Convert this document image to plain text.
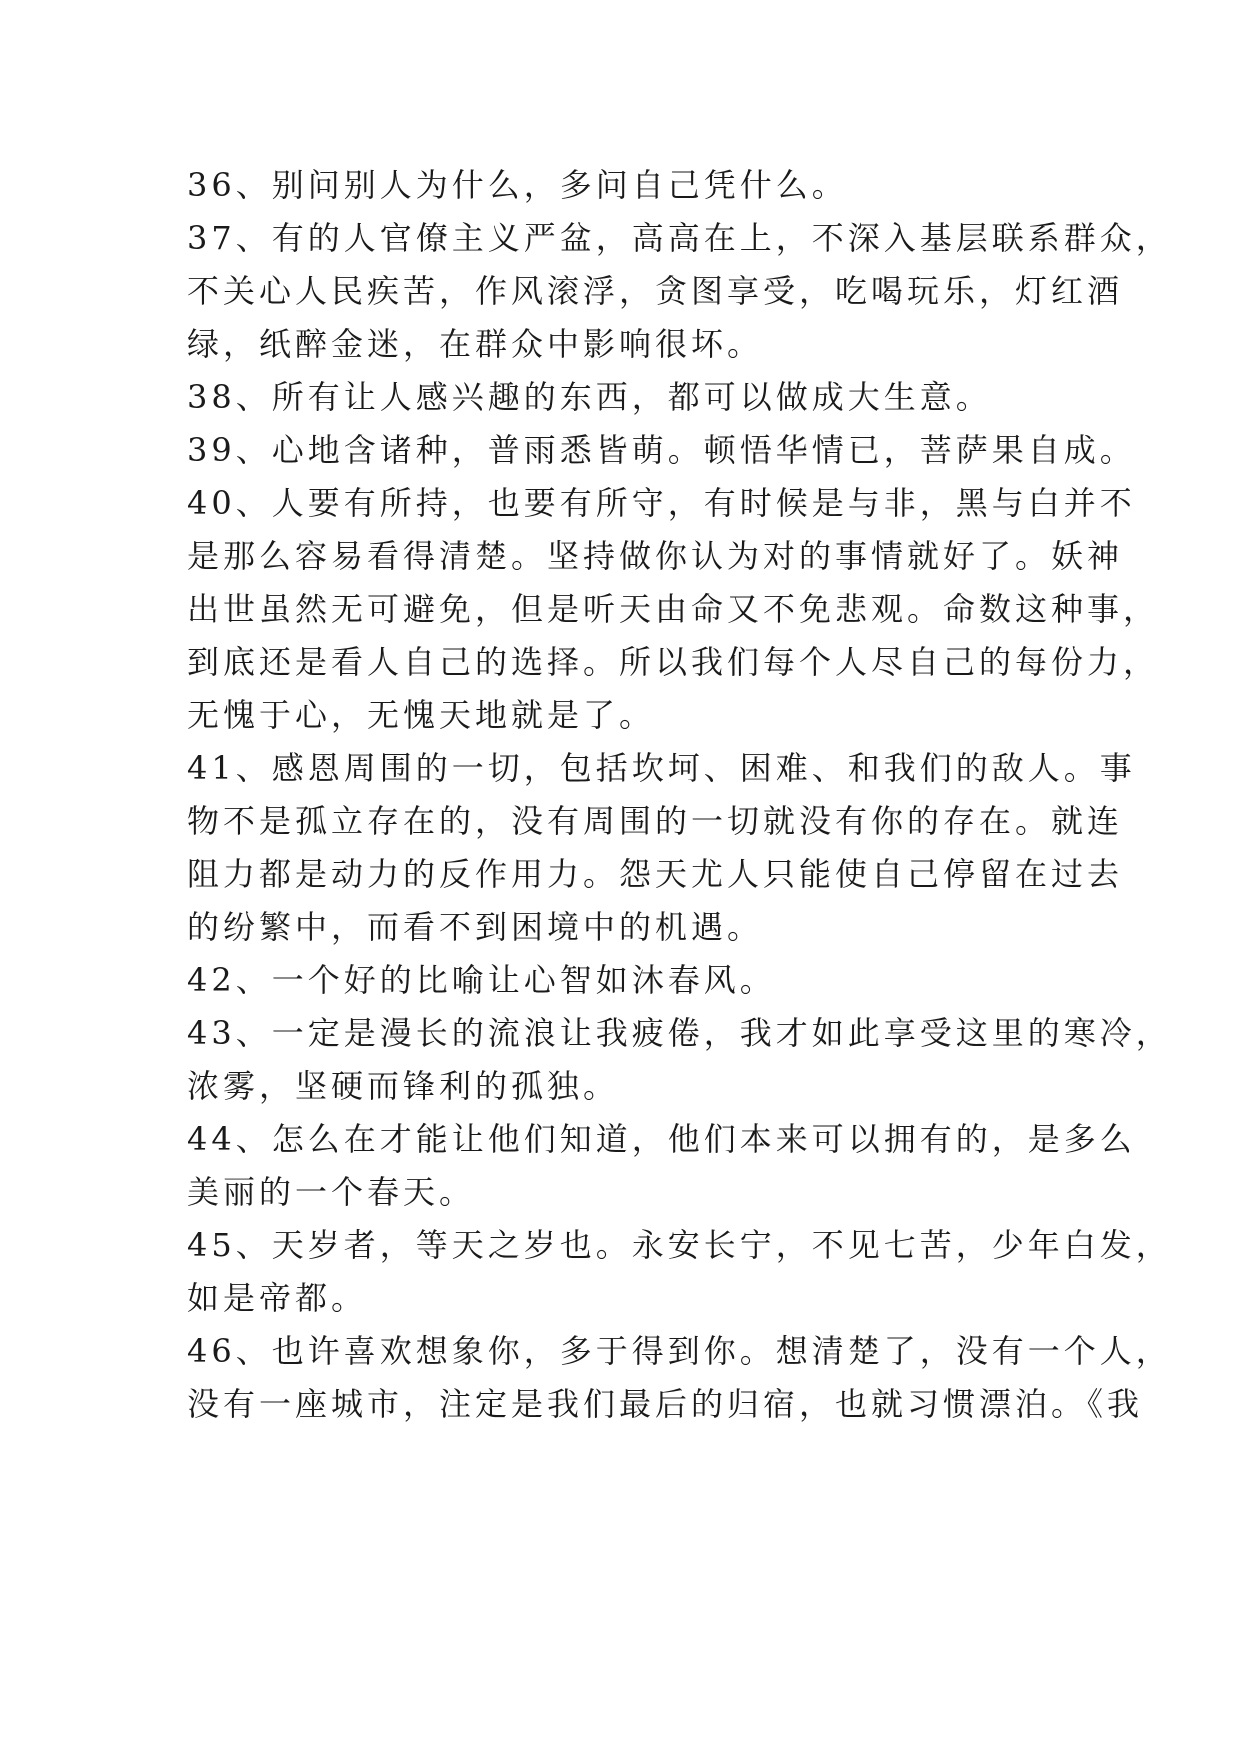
36、别问别人为什么，多问自己凭什么。

37、有的人官僚主义严盆，高高在上，不深入基层联系群众，

不关心人民疾苦，作风滚浮，贪图享受，吃喝玩乐，灯红酒

绿，纸醉金迷，在群众中影响很坏。

38、所有让人感兴趣的东西，都可以做成大生意。

39、心地含诸种，普雨悉皆萌。顿悟华情已，菩萨果自成。

40、人要有所持，也要有所守，有时候是与非，黑与白并不

是那么容易看得清楚。坚持做你认为对的事情就好了。妖神

出世虽然无可避免，但是听天由命又不免悲观。命数这种事，

到底还是看人自己的选择。所以我们每个人尽自己的每份力，

无愧于心，无愧天地就是了。

41、感恩周围的一切，包括坎坷、困难、和我们的敌人。事

物不是孤立存在的，没有周围的一切就没有你的存在。就连

阻力都是动力的反作用力。怨天尤人只能使自己停留在过去

的纷繁中，而看不到困境中的机遇。

42、一个好的比喻让心智如沐春风。

43、一定是漫长的流浪让我疲倦，我才如此享受这里的寒冷，

浓雾，坚硬而锋利的孤独。

44、怎么在才能让他们知道，他们本来可以拥有的，是多么

美丽的一个春天。

45、天岁者，等天之岁也。永安长宁，不见七苦，少年白发，

如是帝都。

46、也许喜欢想象你，多于得到你。想清楚了，没有一个人，

没有一座城市，注定是我们最后的归宿，也就习惯漂泊。《我
